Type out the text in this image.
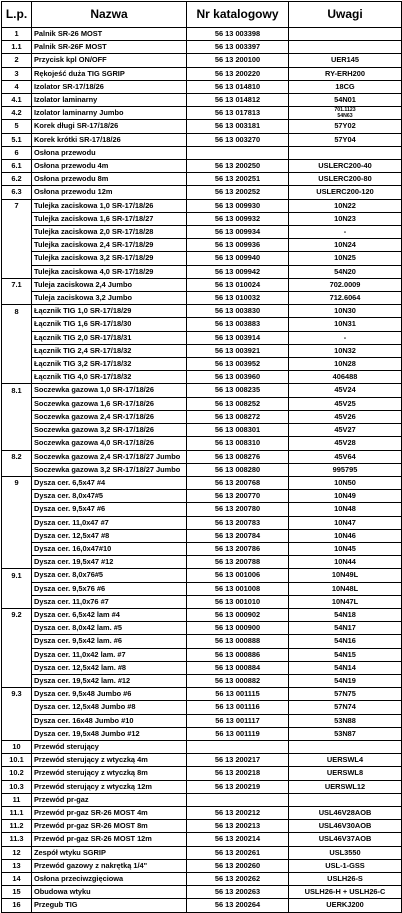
L.p.	Nazwa	Nr katalogowy	Uwagi
1	Palnik SR-26 MOST	56 13 003398	
1.1	Palnik SR-26F MOST	56 13 003397	
2	Przycisk kpl ON/OFF	56 13 200100	UER145
3	Rękojeść duża TIG SGRIP	56 13 200220	RY-ERH200
4	Izolator SR-17/18/26	56 13 014810	18CG
4.1	Izolator laminarny	56 13 014812	54N01
4.2	Izolator laminarny Jumbo	56 13 017813	701.1123
54N63

5	Korek długi SR-17/18/26	56 13 003181	57Y02
5.1	Korek krótki SR-17/18/26	56 13 003270	57Y04
6	Osłona przewodu		
6.1	Osłona przewodu 4m	56 13 200250	USLERC200-40
6.2	Osłona przewodu 8m	56 13 200251	USLERC200-80
6.3	Osłona przewodu 12m	56 13 200252	USLERC200-120
7	Tulejka zaciskowa 1,0 SR-17/18/26	56 13 009930	10N22
	Tulejka zaciskowa 1,6 SR-17/18/27	56 13 009932	10N23
	Tulejka zaciskowa 2,0 SR-17/18/28	56 13 009934	-
	Tulejka zaciskowa 2,4 SR-17/18/29	56 13 009936	10N24
	Tulejka zaciskowa 3,2 SR-17/18/29	56 13 009940	10N25
	Tulejka zaciskowa 4,0 SR-17/18/29	56 13 009942	54N20
7.1	Tuleja zaciskowa 2,4 Jumbo	56 13 010024	702.0009
	Tuleja zaciskowa 3,2 Jumbo	56 13 010032	712.6064
8	Łącznik TIG 1,0 SR-17/18/29	56 13 003830	10N30
	Łącznik TIG 1,6 SR-17/18/30	56 13 003883	10N31
	Łącznik TIG 2,0 SR-17/18/31	56 13 003914	-
	Łącznik TIG 2,4 SR-17/18/32	56 13 003921	10N32
	Łącznik TIG 3,2 SR-17/18/32	56 13 003952	10N28
	Łącznik TIG 4,0 SR-17/18/32	56 13 003960	406488
8.1	Soczewka gazowa 1,0 SR-17/18/26	56 13 008235	45V24
	Soczewka gazowa 1,6 SR-17/18/26	56 13 008252	45V25
	Soczewka gazowa 2,4 SR-17/18/26	56 13 008272	45V26
	Soczewka gazowa 3,2 SR-17/18/26	56 13 008301	45V27
	Soczewka gazowa 4,0 SR-17/18/26	56 13 008310	45V28
8.2	Soczewka gazowa 2,4 SR-17/18/27 Jumbo	56 13 008276	45V64
	Soczewka gazowa 3,2 SR-17/18/27 Jumbo	56 13 008280	995795
9	Dysza cer. 6,5x47 #4	56 13 200768	10N50
	Dysza cer. 8,0x47#5	56 13 200770	10N49
	Dysza cer. 9,5x47 #6	56 13 200780	10N48
	Dysza cer. 11,0x47 #7	56 13 200783	10N47
	Dysza cer. 12,5x47 #8	56 13 200784	10N46
	Dysza cer. 16,0x47#10	56 13 200786	10N45
	Dysza cer. 19,5x47 #12	56 13 200788	10N44
9.1	Dysza cer. 8,0x76#5	56 13 001006	10N49L
	Dysza cer. 9,5x76 #6	56 13 001008	10N48L
	Dysza cer. 11,0x76 #7	56 13 001010	10N47L
9.2	Dysza cer. 6,5x42 lam #4	56 13 000902	54N18
	Dysza cer. 8,0x42 lam. #5	56 13 000900	54N17
	Dysza cer. 9,5x42 lam. #6	56 13 000888	54N16
	Dysza cer. 11,0x42 lam. #7	56 13 000886	54N15
	Dysza cer. 12,5x42 lam. #8	56 13 000884	54N14
	Dysza cer. 19,5x42 lam. #12	56 13 000882	54N19
9.3	Dysza cer. 9,5x48 Jumbo #6	56 13 001115	57N75
	Dysza cer. 12,5x48 Jumbo #8	56 13 001116	57N74
	Dysza cer. 16x48 Jumbo #10	56 13 001117	53N88
	Dysza cer. 19,5x48 Jumbo #12	56 13 001119	53N87
10	Przewód sterujący		
10.1	Przewód sterujący z wtyczką 4m	56 13 200217	UERSWL4
10.2	Przewód sterujący z wtyczką 8m	56 13 200218	UERSWL8
10.3	Przewód sterujący z wtyczką 12m	56 13 200219	UERSWL12
11	Przewód pr-gaz		
11.1	Przewód pr-gaz SR-26 MOST 4m	56 13 200212	USL46V28AOB
11.2	Przewód pr-gaz SR-26 MOST 8m	56 13 200213	USL46V30AOB
11.3	Przewód pr-gaz SR-26 MOST 12m	56 13 200214	USL46V37AOB
12	Zespół wtyku SGRIP	56 13 200261	USL3550
13	Przewód gazowy z nakrętką 1/4"	56 13 200260	USL-1-GSS
14	Osłona przeciwzgięciowa	56 13 200262	USLH26-S
15	Obudowa wtyku	56 13 200263	USLH26-H + USLH26-C
16	Przegub TIG	56 13 200264	UERKJ200
